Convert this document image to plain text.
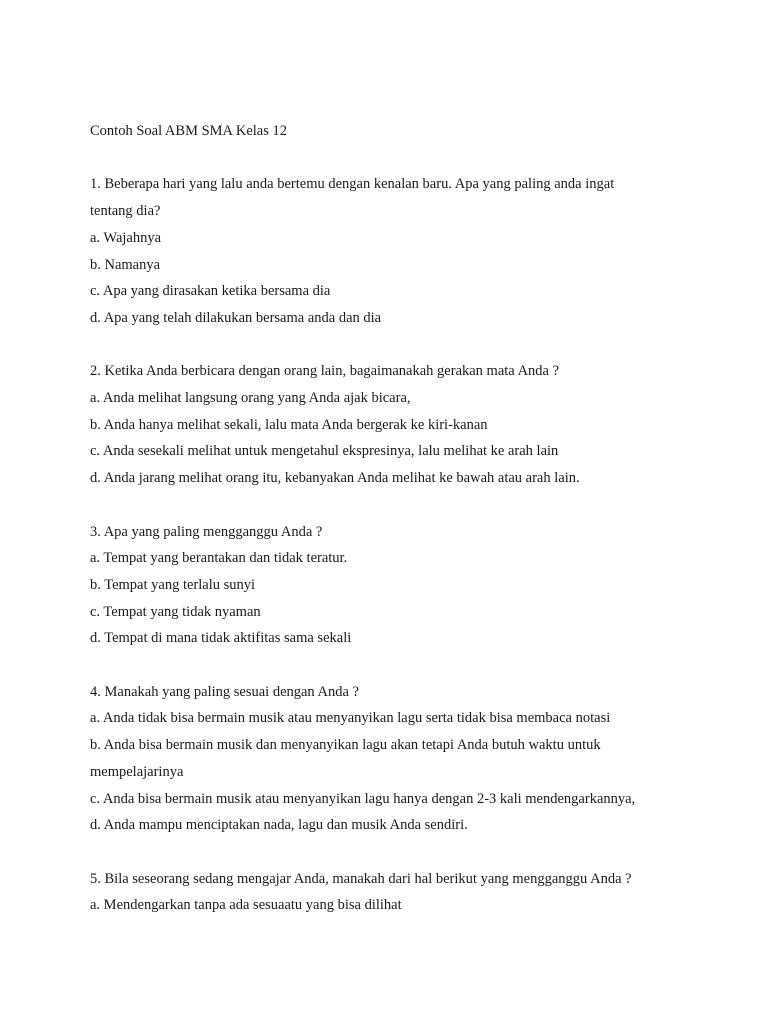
Contoh Soal ABM SMA Kelas 12

1. Beberapa hari yang lalu anda bertemu dengan kenalan baru. Apa yang paling anda ingat

tentang dia?

a. Wajahnya

b. Namanya

c. Apa yang dirasakan ketika bersama dia

d. Apa yang telah dilakukan bersama anda dan dia

2. Ketika Anda berbicara dengan orang lain, bagaimanakah gerakan mata Anda ?

a. Anda melihat langsung orang yang Anda ajak bicara,

b. Anda hanya melihat sekali, lalu mata Anda bergerak ke kiri-kanan

c. Anda sesekali melihat untuk mengetahul ekspresinya, lalu melihat ke arah lain

d. Anda jarang melihat orang itu, kebanyakan Anda melihat ke bawah atau arah lain.

3. Apa yang paling mengganggu Anda ?

a. Tempat yang berantakan dan tidak teratur.

b. Tempat yang terlalu sunyi

c. Tempat yang tidak nyaman

d. Tempat di mana tidak aktifitas sama sekali

4. Manakah yang paling sesuai dengan Anda ?

a. Anda tidak bisa bermain musik atau menyanyikan lagu serta tidak bisa membaca notasi

b. Anda bisa bermain musik dan menyanyikan lagu akan tetapi Anda butuh waktu untuk

mempelajarinya

c. Anda bisa bermain musik atau menyanyikan lagu hanya dengan 2-3 kali mendengarkannya,

d. Anda mampu menciptakan nada, lagu dan musik Anda sendiri.

5. Bila seseorang sedang mengajar Anda, manakah dari hal berikut yang mengganggu Anda ?

a. Mendengarkan tanpa ada sesuaatu yang bisa dilihat
